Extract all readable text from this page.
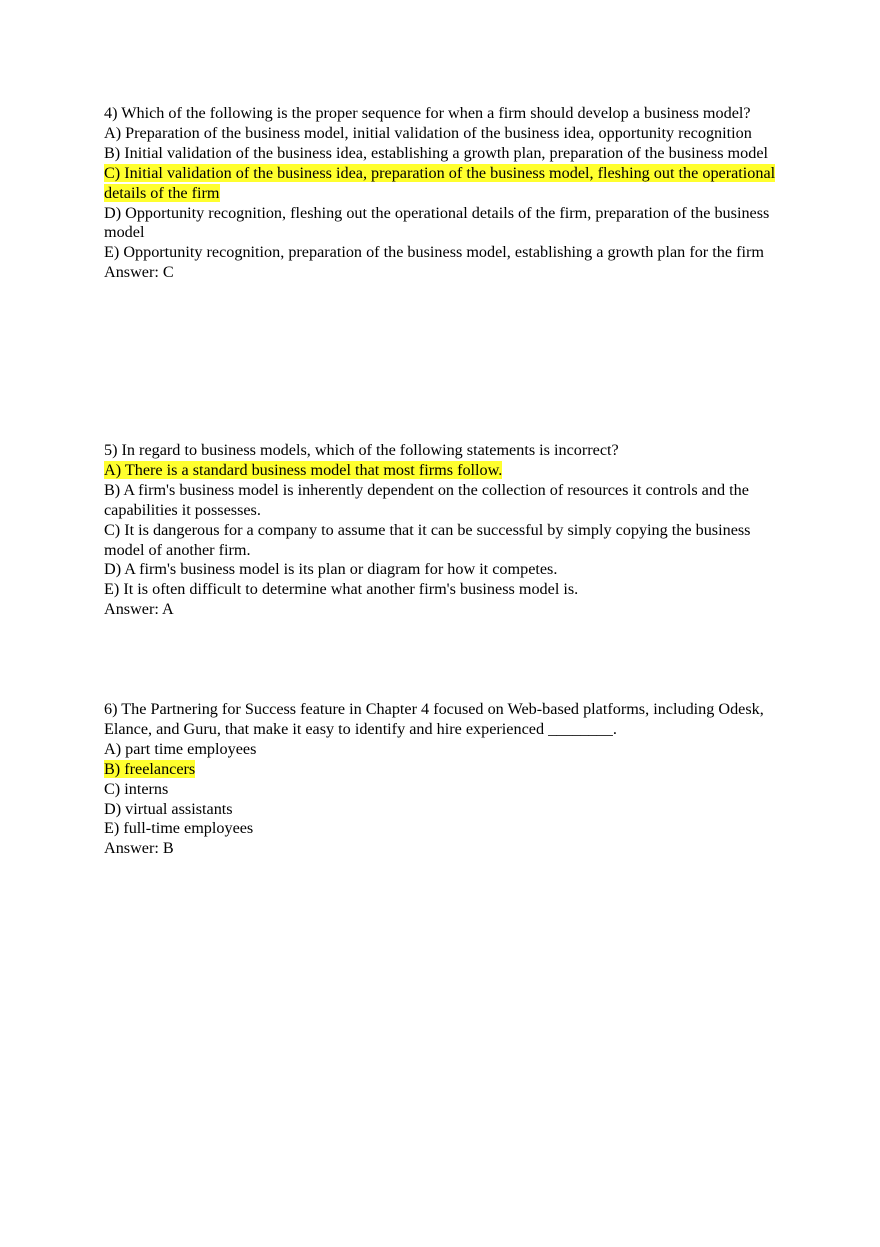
4) Which of the following is the proper sequence for when a firm should develop a business model?

A) Preparation of the business model, initial validation of the business idea, opportunity recognition

B) Initial validation of the business idea, establishing a growth plan, preparation of the business model

C) Initial validation of the business idea, preparation of the business model, fleshing out the operational details of the firm

D) Opportunity recognition, fleshing out the operational details of the firm, preparation of the business model

E) Opportunity recognition, preparation of the business model, establishing a growth plan for the firm

Answer: C

5) In regard to business models, which of the following statements is incorrect?

A) There is a standard business model that most firms follow.

B) A firm's business model is inherently dependent on the collection of resources it controls and the capabilities it possesses.

C) It is dangerous for a company to assume that it can be successful by simply copying the business model of another firm.

D) A firm's business model is its plan or diagram for how it competes.

E) It is often difficult to determine what another firm's business model is.

Answer: A

6) The Partnering for Success feature in Chapter 4 focused on Web-based platforms, including Odesk, Elance, and Guru, that make it easy to identify and hire experienced ________.

A) part time employees

B) freelancers

C) interns

D) virtual assistants

E) full-time employees

Answer: B
